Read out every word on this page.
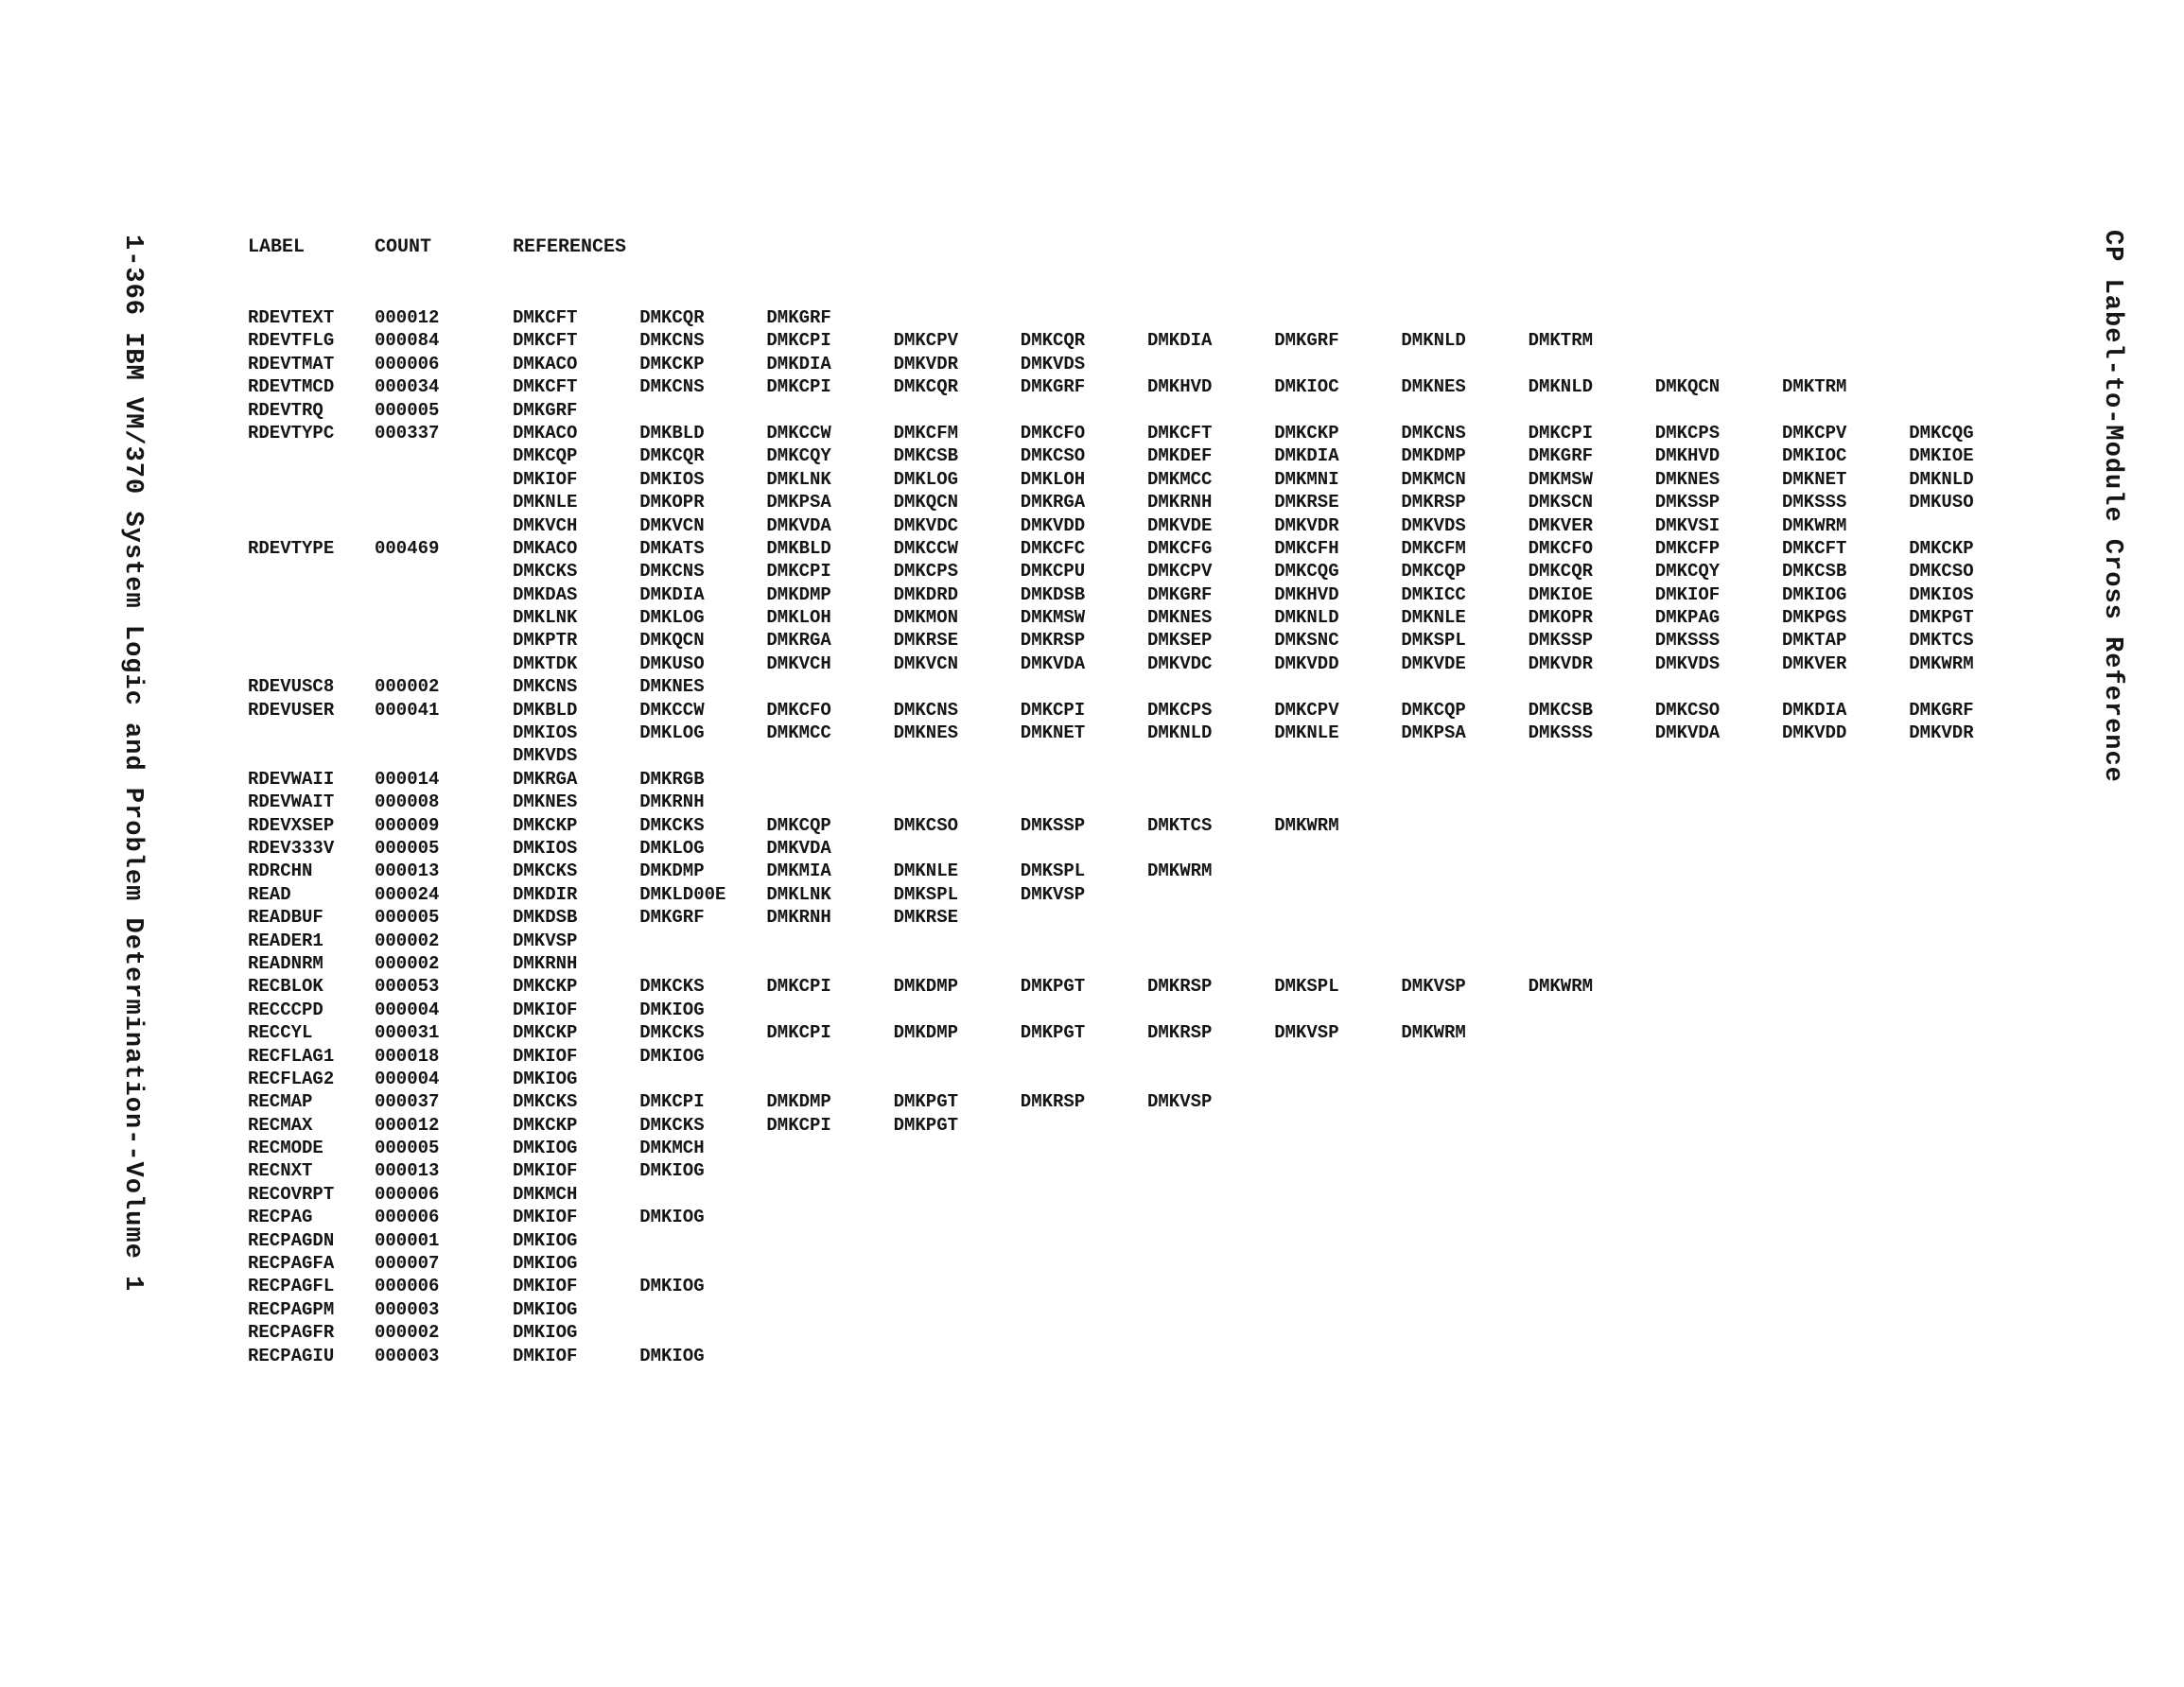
1-366 IBM VM/370 System Logic and Problem Determination--Volume 1	CP Label-to-Module Cross Reference
LABEL	COUNT	REFERENCES
RDEVTEXT 000012	DMKCFT	DMKCQR	DMKGRF
RDEVTFLG 000084	DMKCFT	DMKCNS	DMKCPI	DMKCPV	DMKCQR	DMKDIA	DMKGRF	DMKNLD	DMKTRM
RDEVTMAT 000006	DMKACO	DMKCKP	DMKDIA	DMKVDR	DMKVDS
RDEVTMCD 000034	DMKCFT	DMKCNS	DMKCPI	DMKCQR	DMKGRF	DMKHVD	DMKIOC	DMKNES	DMKNLD	DMKQCN	DMKTRM
RDEVTRQ	000005	DMKGRF
RDEVTYPC 000337	DMKACO	DMKBLD	DMKCCW	DMKCFM	DMKCFO	DMKCFT	DMKCKP	DMKCNS	DMKCPI	DMKCPS	DMKCPV	DMKCQG
DMKCQP	DMKCQR	DMKCQY	DMKCSB	DMKCSO	DMKDEF	DMKDIA	DMKDMP	DMKGRF	DMKHVD	DMKIOC	DMKIOE
DMKIOF	DMKIOS	DMKLNK	DMKLOG	DMKLOH	DMKMCC	DMKMNI	DMKMCN	DMKMSW	DMKNES	DMKNET	DMKNLD
DMKNLE	DMKOPR	DMKPSA	DMKQCN	DMKRGA	DMKRNH	DMKRSE	DMKRSP	DMKSCN	DMKSSP	DMKSSS	DMKUSO
DMKVCH	DMKVCN	DMKVDA	DMKVDC	DMKVDD	DMKVDE	DMKVDR	DMKVDS	DMKVER	DMKVSI	DMKWRM
RDEVTYPE 000469	DMKACO	DMKATS	DMKBLD	DMKCCW	DMKCFC	DMKCFG	DMKCFH	DMKCFM	DMKCFO	DMKCFP	DMKCFT	DMKCKP
DMKCKS	DMKCNS	DMKCPI	DMKCPS	DMKCPU	DMKCPV	DMKCQG	DMKCQP	DMKCQR	DMKCQY	DMKCSB	DMKCSO
DMKDAS	DMKDIA	DMKDMP	DMKDRD	DMKDSB	DMKGRF	DMKHVD	DMKICC	DMKIOE	DMKIOF	DMKIOG	DMKIOS
DMKLNK	DMKLOG	DMKLOH	DMKMON	DMKMSW	DMKNES	DMKNLD	DMKNLE	DMKOPR	DMKPAG	DMKPGS	DMKPGT
DMKPTR	DMKQCN	DMKRGA	DMKRSE	DMKRSP	DMKSEP	DMKSNC	DMKSPL	DMKSSP	DMKSSS	DMKTAP	DMKTCS
DMKTDK	DMKUSO	DMKVCH	DMKVCN	DMKVDA	DMKVDC	DMKVDD	DMKVDE	DMKVDR	DMKVDS	DMKVER	DMKWRM
RDEVUSC8 000002	DMKCNS	DMKNES
RDEVUSER 000041	DMKBLD	DMKCCW	DMKCFO	DMKCNS	DMKCPI	DMKCPS	DMKCPV	DMKCQP	DMKCSB	DMKCSO	DMKDIA	DMKGRF
DMKIOS	DMKLOG	DMKMCC	DMKNES	DMKNET	DMKNLD	DMKNLE	DMKPSA	DMKSSS	DMKVDA	DMKVDD	DMKVDR
DMKVDS
RDEVWAII 000014	DMKRGA	DMKRGB
RDEVWAIT 000008	DMKNES	DMKRNH
RDEVXSEP 000009	DMKCKP	DMKCKS	DMKCQP	DMKCSO	DMKSSP	DMKTCS	DMKWRM
RDEV333V 000005	DMKIOS	DMKLOG	DMKVDA
RDRCHN	000013	DMKCKS	DMKDMP	DMKMIA	DMKNLE	DMKSPL	DMKWRM
READ	000024	DMKDIR	DMKLD00E	DMKLNK	DMKSPL	DMKVSP
READBUF	000005	DMKDSB	DMKGRF	DMKRNH	DMKRSE
READER1	000002	DMKVSP
READNRM	000002	DMKRNH
RECBLOK	000053	DMKCKP	DMKCKS	DMKCPI	DMKDMP	DMKPGT	DMKRSP	DMKSPL	DMKVSP	DMKWRM
RECCCPD	000004	DMKIOF	DMKIOG
RECCYL	000031	DMKCKP	DMKCKS	DMKCPI	DMKDMP	DMKPGT	DMKRSP	DMKVSP	DMKWRM
RECFLAG1 000018	DMKIOF	DMKIOG
RECFLAG2 000004	DMKIOG
RECMAP	000037	DMKCKS	DMKCPI	DMKDMP	DMKPGT	DMKRSP	DMKVSP
RECMAX	000012	DMKCKP	DMKCKS	DMKCPI	DMKPGT
RECMODE	000005	DMKIOG	DMKMCH
RECNXT	000013	DMKIOF	DMKIOG
RECOVRPT 000006	DMKMCH
RECPAG	000006	DMKIOF	DMKIOG
RECPAGDN 000001	DMKIOG
RECPAGFA 000007	DMKIOG
RECPAGFL 000006	DMKIOF	DMKIOG
RECPAGPM 000003	DMKIOG
RECPAGFR 000002	DMKIOG
RECPAGIU 000003	DMKIOF	DMKIOG
